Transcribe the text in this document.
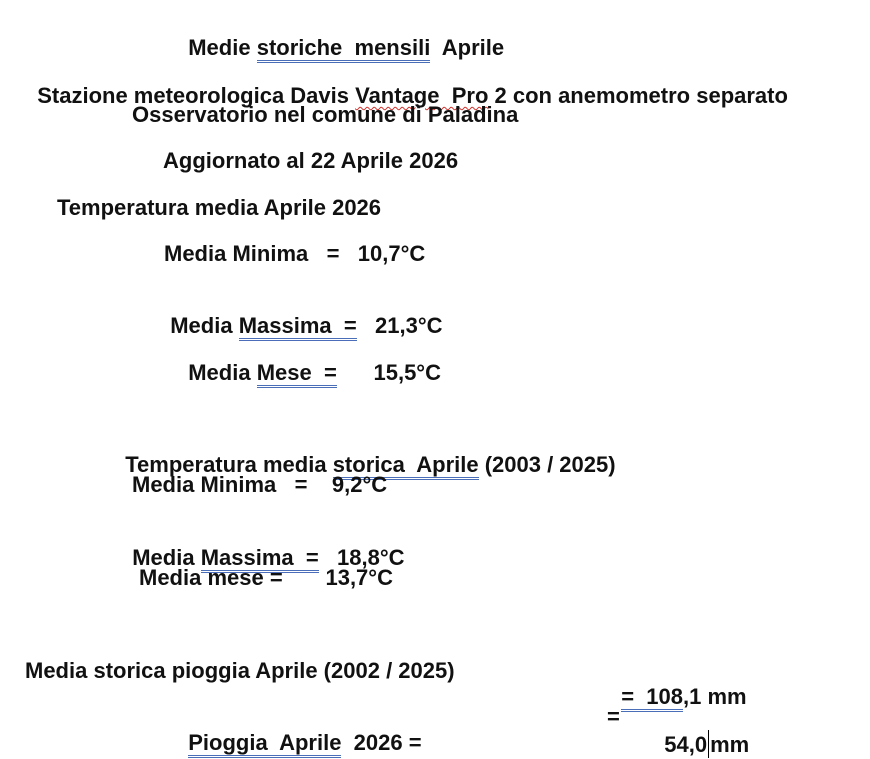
Medie storiche  mensili  Aprile

Stazione meteorologica Davis Vantage  Pro 2 con anemometro separato

Osservatorio nel comune di Paladina
Aggiornato al 22 Aprile 2026
Temperatura media Aprile 2026
Media Minima   =   10,7°C

Media Massima  =   21,3°C

Media Mese  =      15,5°C

Temperatura media storica  Aprile (2003 / 2025)

Media Minima   =    9,2°C

Media Massima  =   18,8°C

Media mese =       13,7°C
Media storica pioggia Aprile (2002 / 2025)

=  108,1 mm

Pioggia  Aprile  2026 =

=

54,0 mm
